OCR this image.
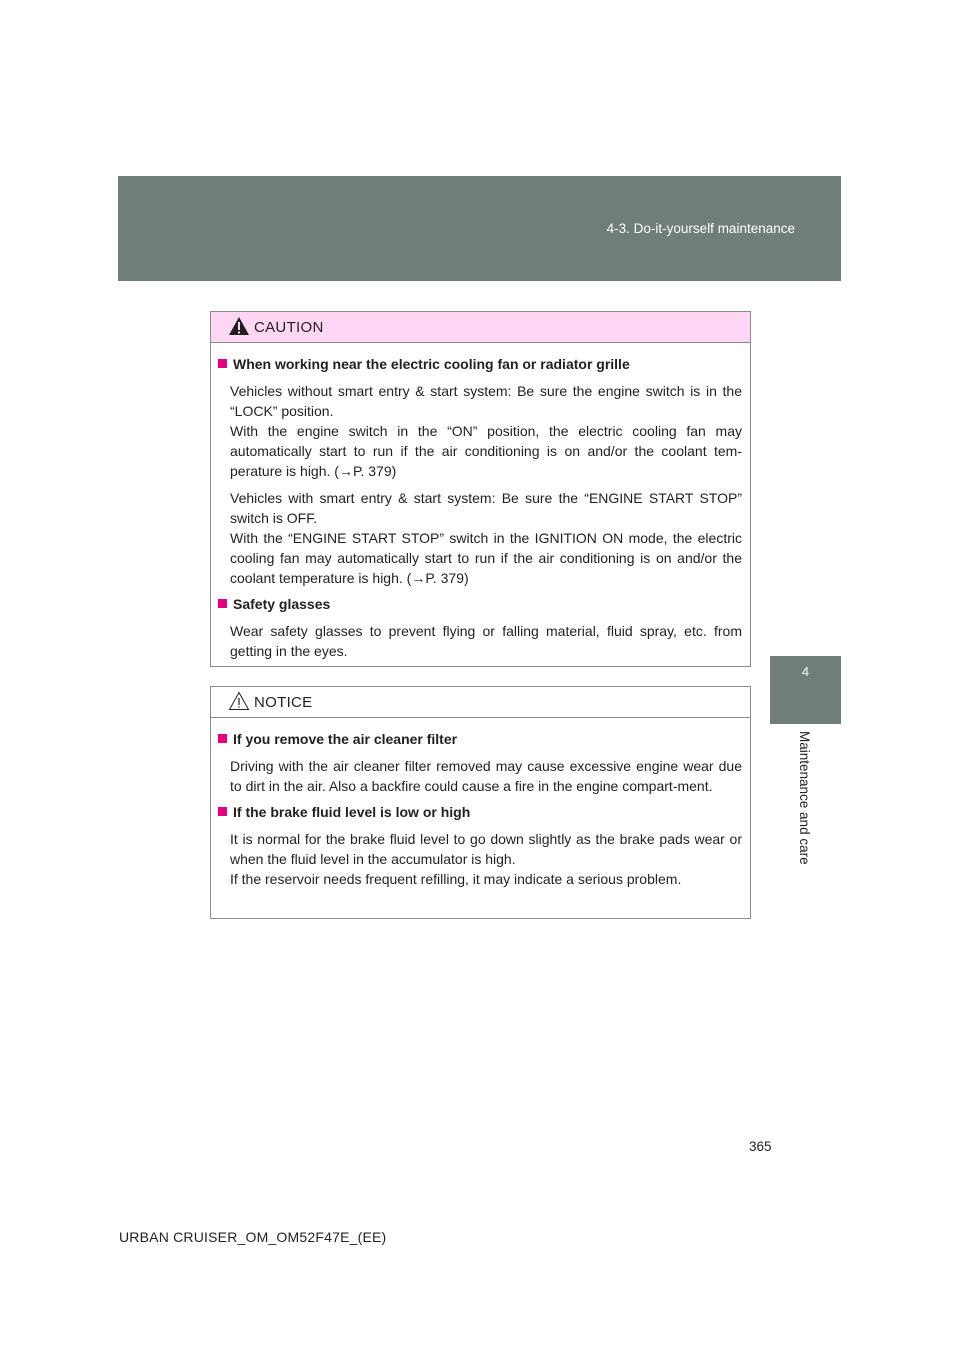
4-3. Do-it-yourself maintenance
4
Maintenance and care
CAUTION
When working near the electric cooling fan or radiator grille
Vehicles without smart entry & start system: Be sure the engine switch is in the “LOCK” position.
With the engine switch in the “ON” position, the electric cooling fan may automatically start to run if the air conditioning is on and/or the coolant tem-perature is high. (→P. 379)
Vehicles with smart entry & start system: Be sure the “ENGINE START STOP” switch is OFF.
With the “ENGINE START STOP” switch in the IGNITION ON mode, the electric cooling fan may automatically start to run if the air conditioning is on and/or the coolant temperature is high. (→P. 379)
Safety glasses
Wear safety glasses to prevent flying or falling material, fluid spray, etc. from getting in the eyes.
NOTICE
If you remove the air cleaner filter
Driving with the air cleaner filter removed may cause excessive engine wear due to dirt in the air. Also a backfire could cause a fire in the engine compart-ment.
If the brake fluid level is low or high
It is normal for the brake fluid level to go down slightly as the brake pads wear or when the fluid level in the accumulator is high.
If the reservoir needs frequent refilling, it may indicate a serious problem.
365
URBAN CRUISER_OM_OM52F47E_(EE)
